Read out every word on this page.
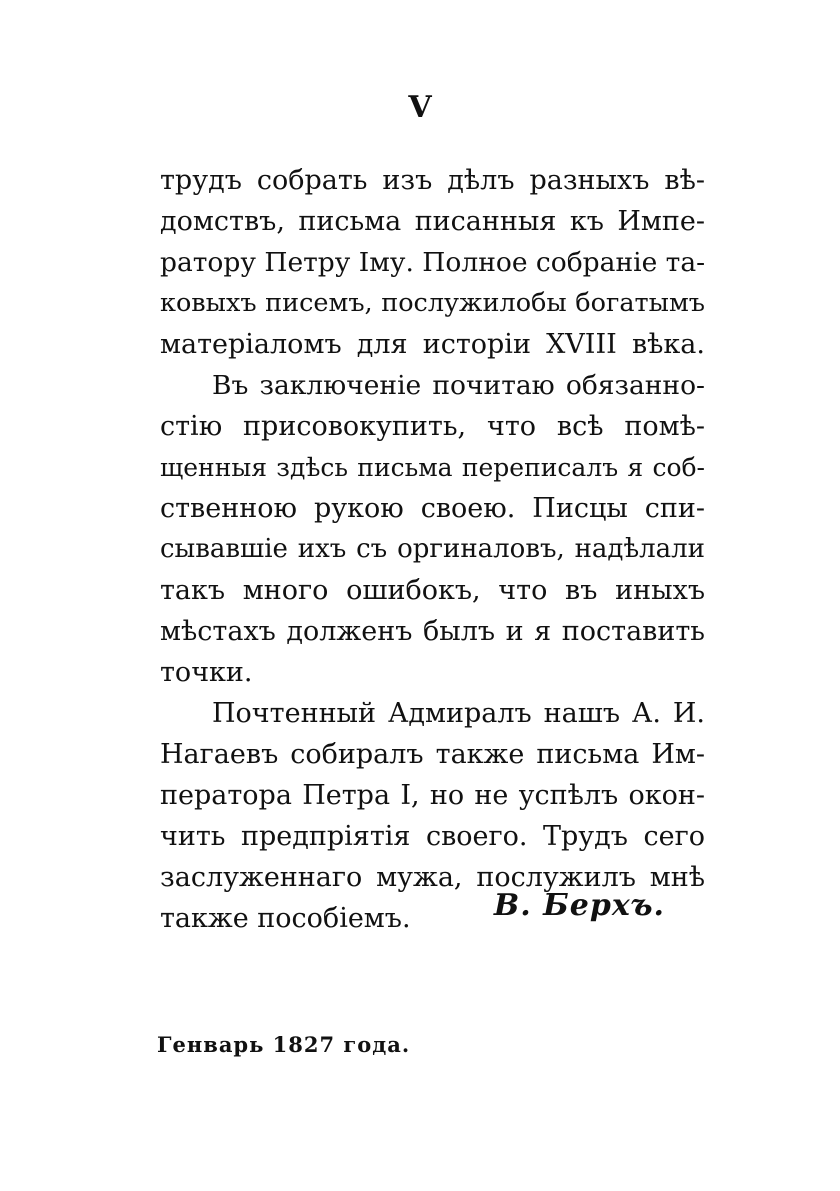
V
трудъ собрать изъ дѣлъ разныхъ вѣ-
домствъ, письма писанныя къ Импе-
ратору Петру Iму. Полное собраніе та-
ковыхъ писемъ, послужилобы богатымъ
матеріаломъ для исторіи XVIII вѣка.
Въ заключеніе почитаю обязанно-
стію присовокупить, что всѣ помѣ-
щенныя здѣсь письма переписалъ я соб-
ственною рукою своею. Писцы спи-
сывавшіе ихъ съ оргиналовъ, надѣлали
такъ много ошибокъ, что въ иныхъ
мѣстахъ долженъ былъ и я поставить
точки.
Почтенный Адмиралъ нашъ А. И.
Нагаевъ собиралъ также письма Им-
ператора Петра I, но не успѣлъ окон-
чить предпріятія своего. Трудъ сего
заслуженнаго мужа, послужилъ мнѣ
также пособіемъ.	В. Берхъ.
Генварь 1827 года.
